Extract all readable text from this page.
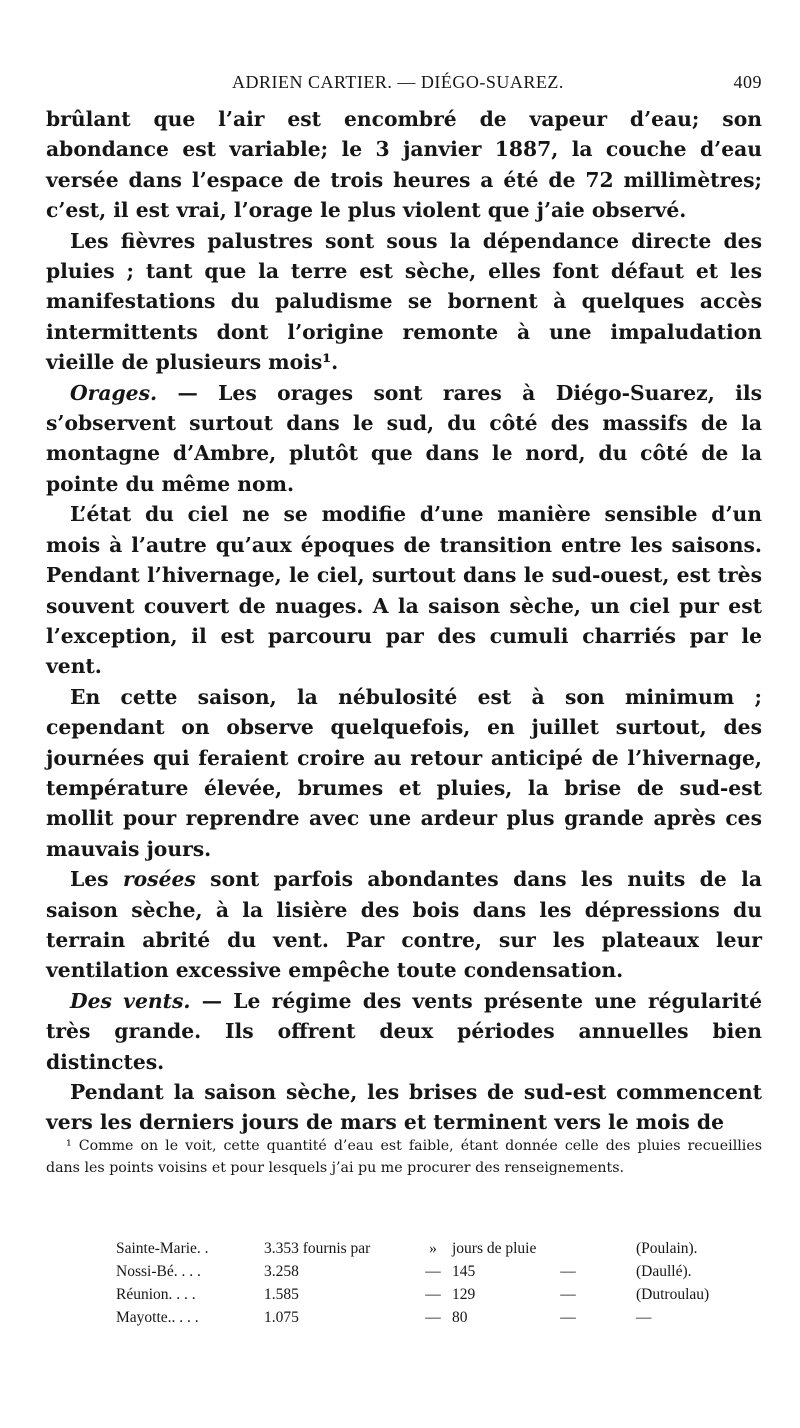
ADRIEN CARTIER. — DIÉGO-SUAREZ.	409

brûlant que l’air est encombré de vapeur d’eau; son abondance est variable; le 3 janvier 1887, la couche d’eau versée dans l’espace de trois heures a été de 72 millimètres; c’est, il est vrai, l’orage le plus violent que j’aie observé.

Les fièvres palustres sont sous la dépendance directe des pluies ; tant que la terre est sèche, elles font défaut et les manifestations du paludisme se bornent à quelques accès intermittents dont l’origine remonte à une impaludation vieille de plusieurs mois¹.

Orages. — Les orages sont rares à Diégo-Suarez, ils s’observent surtout dans le sud, du côté des massifs de la montagne d’Ambre, plutôt que dans le nord, du côté de la pointe du même nom.

L’état du ciel ne se modifie d’une manière sensible d’un mois à l’autre qu’aux époques de transition entre les saisons. Pendant l’hivernage, le ciel, surtout dans le sud-ouest, est très souvent couvert de nuages. A la saison sèche, un ciel pur est l’exception, il est parcouru par des cumuli charriés par le vent.

En cette saison, la nébulosité est à son minimum ; cependant on observe quelquefois, en juillet surtout, des journées qui feraient croire au retour anticipé de l’hivernage, température élevée, brumes et pluies, la brise de sud-est mollit pour reprendre avec une ardeur plus grande après ces mauvais jours.

Les rosées sont parfois abondantes dans les nuits de la saison sèche, à la lisière des bois dans les dépressions du terrain abrité du vent. Par contre, sur les plateaux leur ventilation excessive empêche toute condensation.

Des vents. — Le régime des vents présente une régularité très grande. Ils offrent deux périodes annuelles bien distinctes.

Pendant la saison sèche, les brises de sud-est commencent vers les derniers jours de mars et terminent vers le mois de

¹ Comme on le voit, cette quantité d’eau est faible, étant donnée celle des pluies recueillies dans les points voisins et pour lesquels j’ai pu me procurer des renseignements.

Sainte-Marie. .	3.353 fournis par	»	jours de pluie		(Poulain).
Nossi-Bé. . . .	3.258	—	145	—	(Daullé).
Réunion. . . .	1.585	—	129	—	(Dutroulau)
Mayotte.. . . .	1.075	—	80	—	—
